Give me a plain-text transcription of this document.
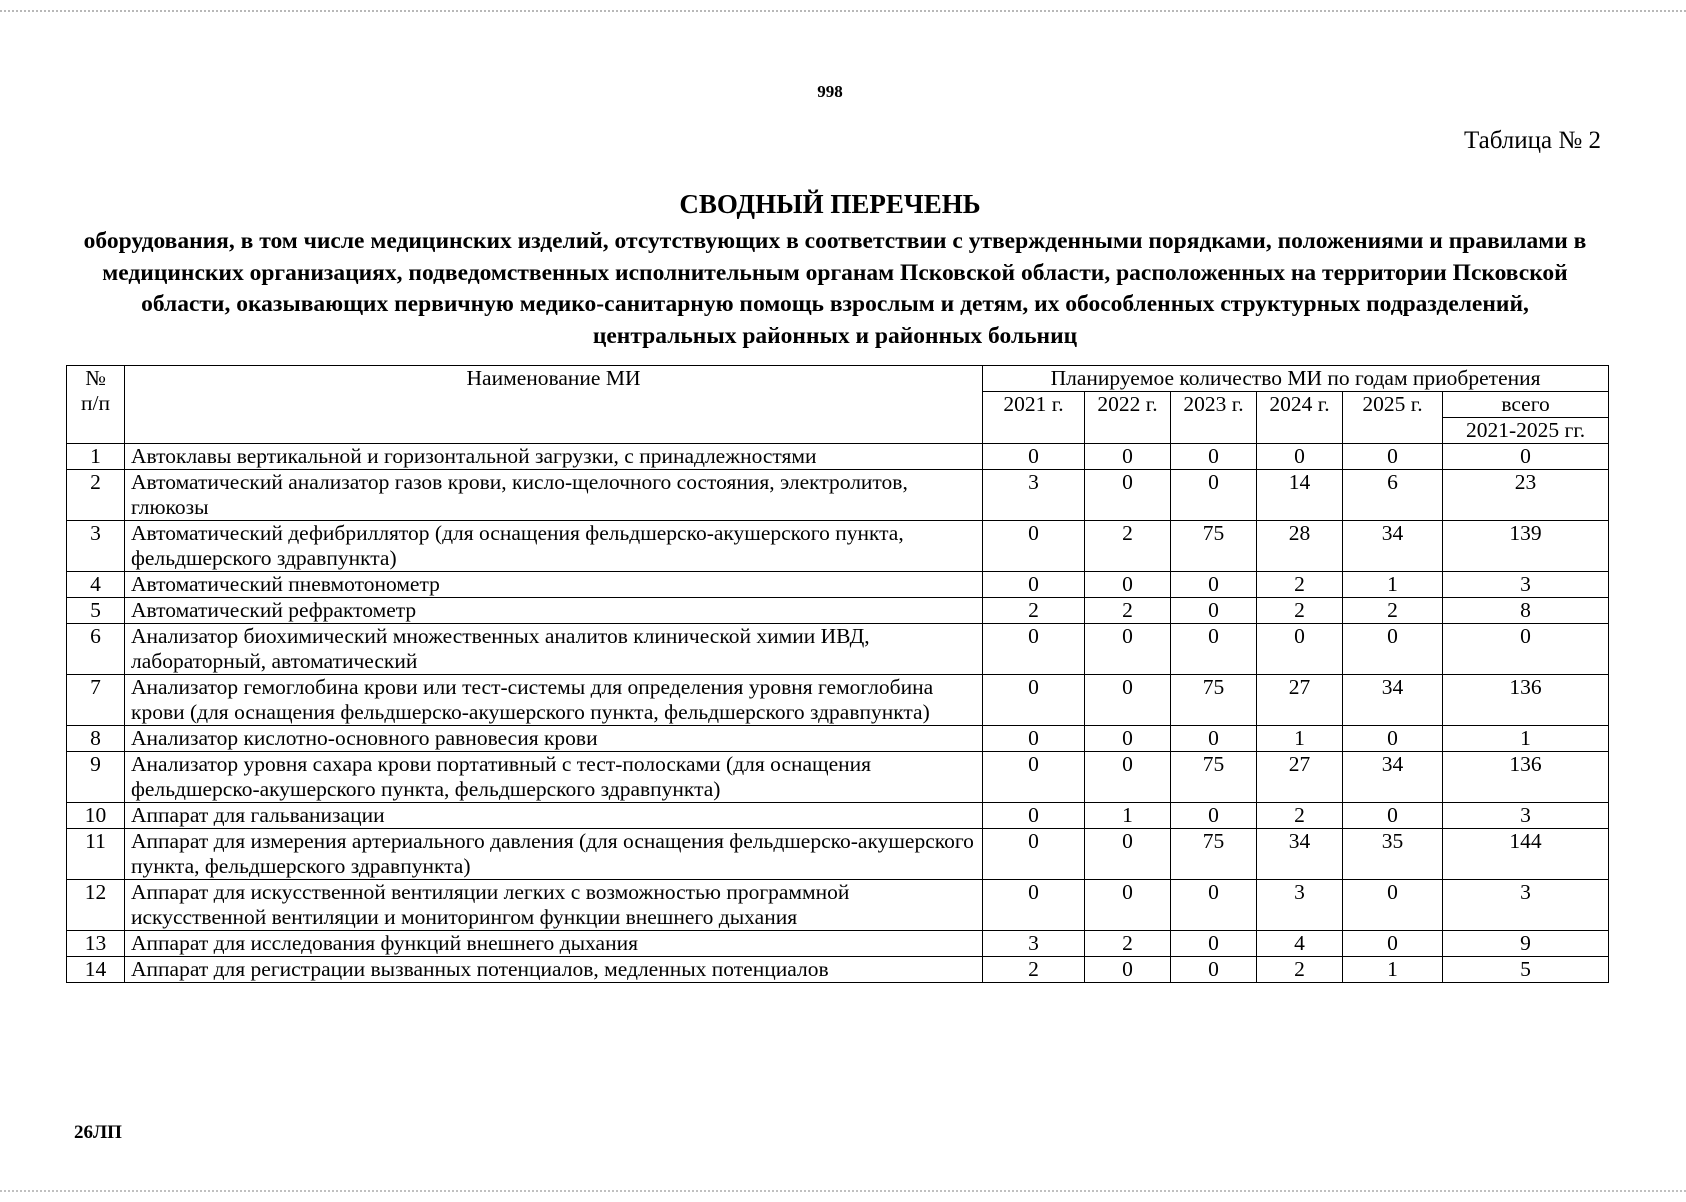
998
Таблица № 2
СВОДНЫЙ ПЕРЕЧЕНЬ
оборудования, в том числе медицинских изделий, отсутствующих в соответствии с утвержденными порядками, положениями и правилами в медицинских организациях, подведомственных исполнительным органам Псковской области, расположенных на территории Псковской области, оказывающих первичную медико-санитарную помощь взрослым и детям, их обособленных структурных подразделений, центральных районных и районных больниц
№
п/п	Наименование МИ	Планируемое количество МИ по годам приобретения					
		2021 г.	2022 г.	2023 г.	2024 г.	2025 г.	всего
							2021-2025 гг.
1	Автоклавы вертикальной и горизонтальной загрузки, с принадлежностями	0	0	0	0	0	0
2	Автоматический анализатор газов крови, кисло-щелочного состояния, электролитов, глюкозы	3	0	0	14	6	23
3	Автоматический дефибриллятор (для оснащения фельдшерско-акушерского пункта, фельдшерского здравпункта)	0	2	75	28	34	139
4	Автоматический пневмотонометр	0	0	0	2	1	3
5	Автоматический рефрактометр	2	2	0	2	2	8
6	Анализатор биохимический множественных аналитов клинической химии ИВД, лабораторный, автоматический	0	0	0	0	0	0
7	Анализатор гемоглобина крови или тест-системы для определения уровня гемоглобина крови (для оснащения фельдшерско-акушерского пункта, фельдшерского здравпункта)	0	0	75	27	34	136
8	Анализатор кислотно-основного равновесия крови	0	0	0	1	0	1
9	Анализатор уровня сахара крови портативный с тест-полосками (для оснащения фельдшерско-акушерского пункта, фельдшерского здравпункта)	0	0	75	27	34	136
10	Аппарат для гальванизации	0	1	0	2	0	3
11	Аппарат для измерения артериального давления (для оснащения фельдшерско-акушерского пункта, фельдшерского здравпункта)	0	0	75	34	35	144
12	Аппарат для искусственной вентиляции легких с возможностью программной искусственной вентиляции и мониторингом функции внешнего дыхания	0	0	0	3	0	3
13	Аппарат для исследования функций внешнего дыхания	3	2	0	4	0	9
14	Аппарат для регистрации вызванных потенциалов, медленных потенциалов	2	0	0	2	1	5
26ЛП
